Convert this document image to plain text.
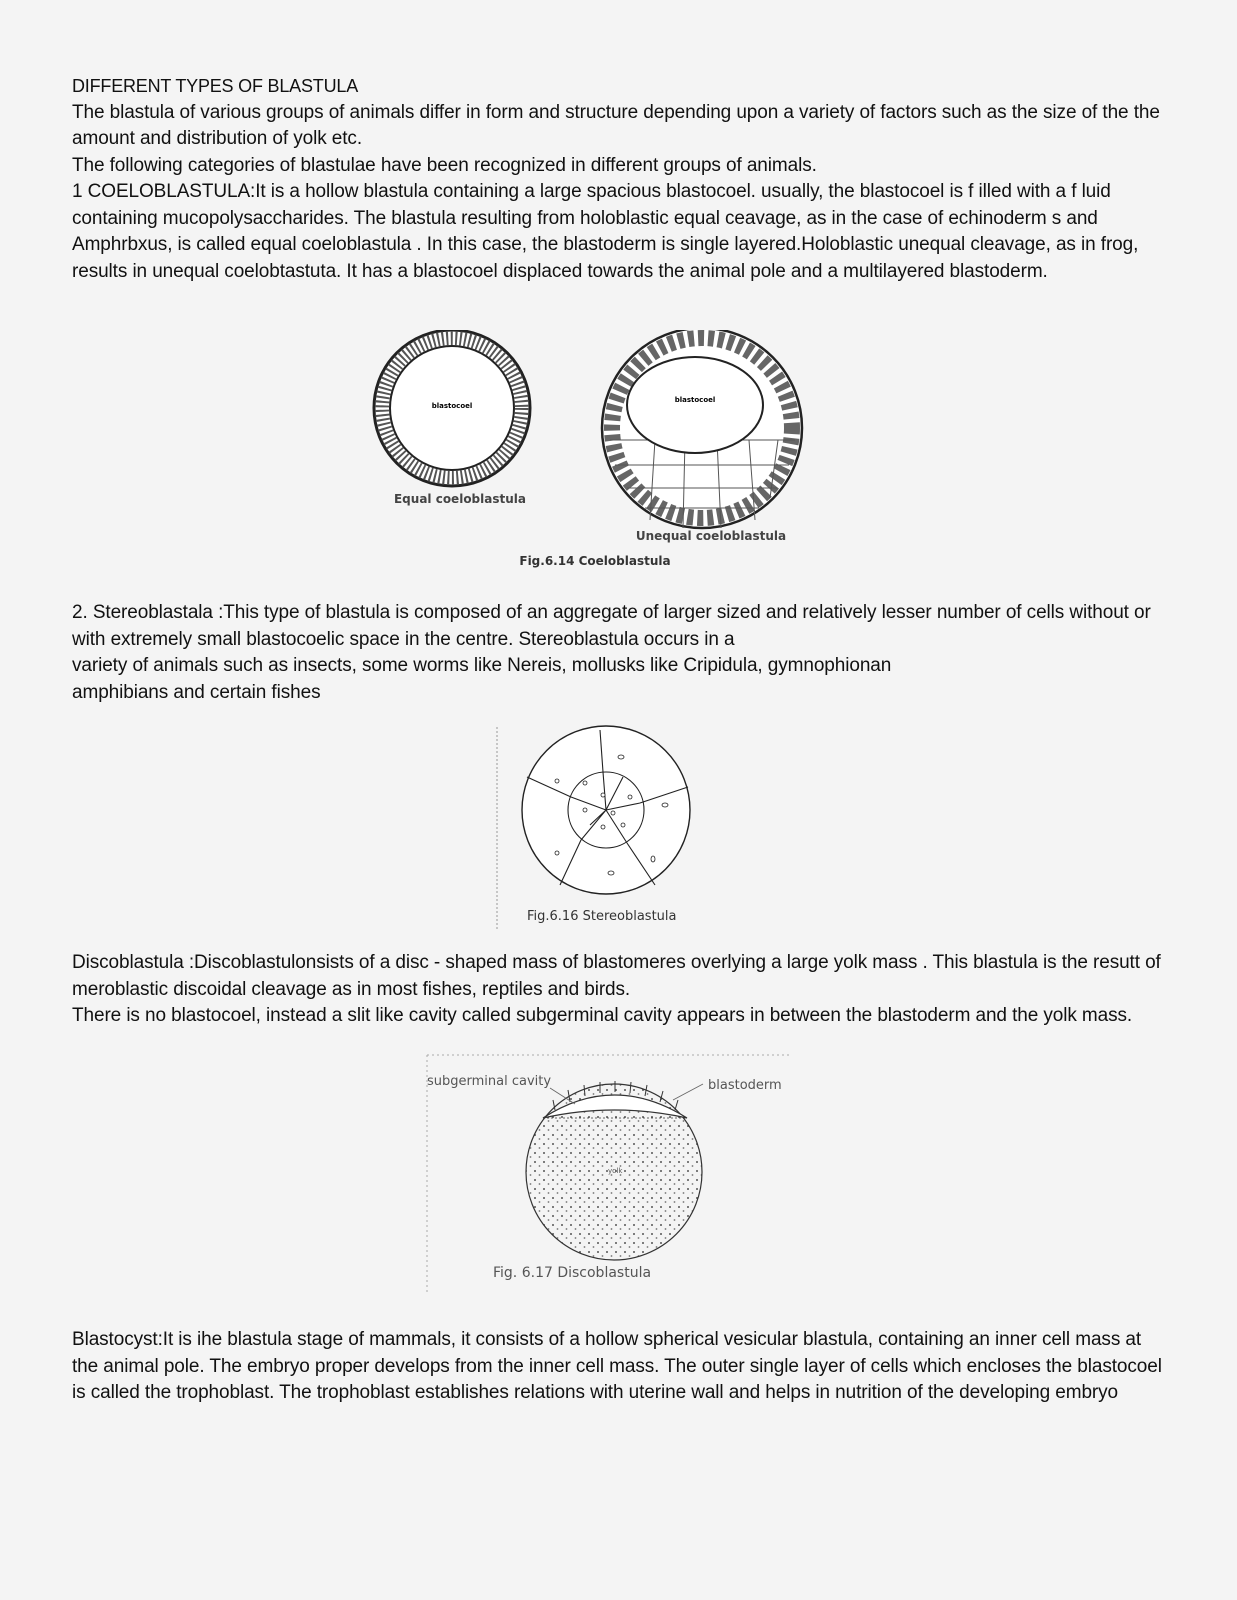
DIFFERENT TYPES OF BLASTULA

The blastula of various groups of animals differ in form and structure depending upon a variety of factors such as the size of the the amount and distribution of yolk etc.

The following categories of blastulae have been recognized in different groups of animals.

1 COELOBLASTULA:It is a hollow blastula containing a large spacious blastocoel. usually, the blastocoel is f illed with a f luid containing mucopolysaccharides. The blastula resulting from holoblastic equal ceavage, as in the case of echinoderm s and Amphrbxus, is called equal coeloblastula . In this case, the blastoderm is single layered.Holoblastic unequal cleavage, as in frog, results in unequal coelobtastuta. It has a blastocoel displaced towards the animal pole and a multilayered blastoderm.

blastocoel
Equal coeloblastula
blastocoel
Unequal coeloblastula
Fig.6.14 Coeloblastula

2. Stereoblastala :This type of blastula is composed of an aggregate of larger sized and relatively lesser number of cells without or with extremely small blastocoelic space in the centre. Stereoblastula occurs in a

variety of animals such as insects, some worms like Nereis, mollusks like Cripidula, gymnophionan

amphibians and certain fishes

Fig.6.16 Stereoblastula

Discoblastula :Discoblastulonsists of a disc - shaped mass of blastomeres overlying a large yolk mass . This blastula is the resutt of meroblastic discoidal cleavage as in most fishes, reptiles and birds.

There is no blastocoel, instead a slit like cavity called subgerminal cavity appears in between the blastoderm and the yolk mass.

yolk
subgerminal cavity	blastoderm
Fig. 6.17 Discoblastula

Blastocyst:It is ihe blastula stage of mammals, it consists of a hollow spherical vesicular blastula, containing an inner cell mass at the animal pole. The embryo proper develops from the inner cell mass. The outer single layer of cells which encloses the blastocoel is called the trophoblast. The trophoblast establishes relations with uterine wall and helps in nutrition of the developing embryo
